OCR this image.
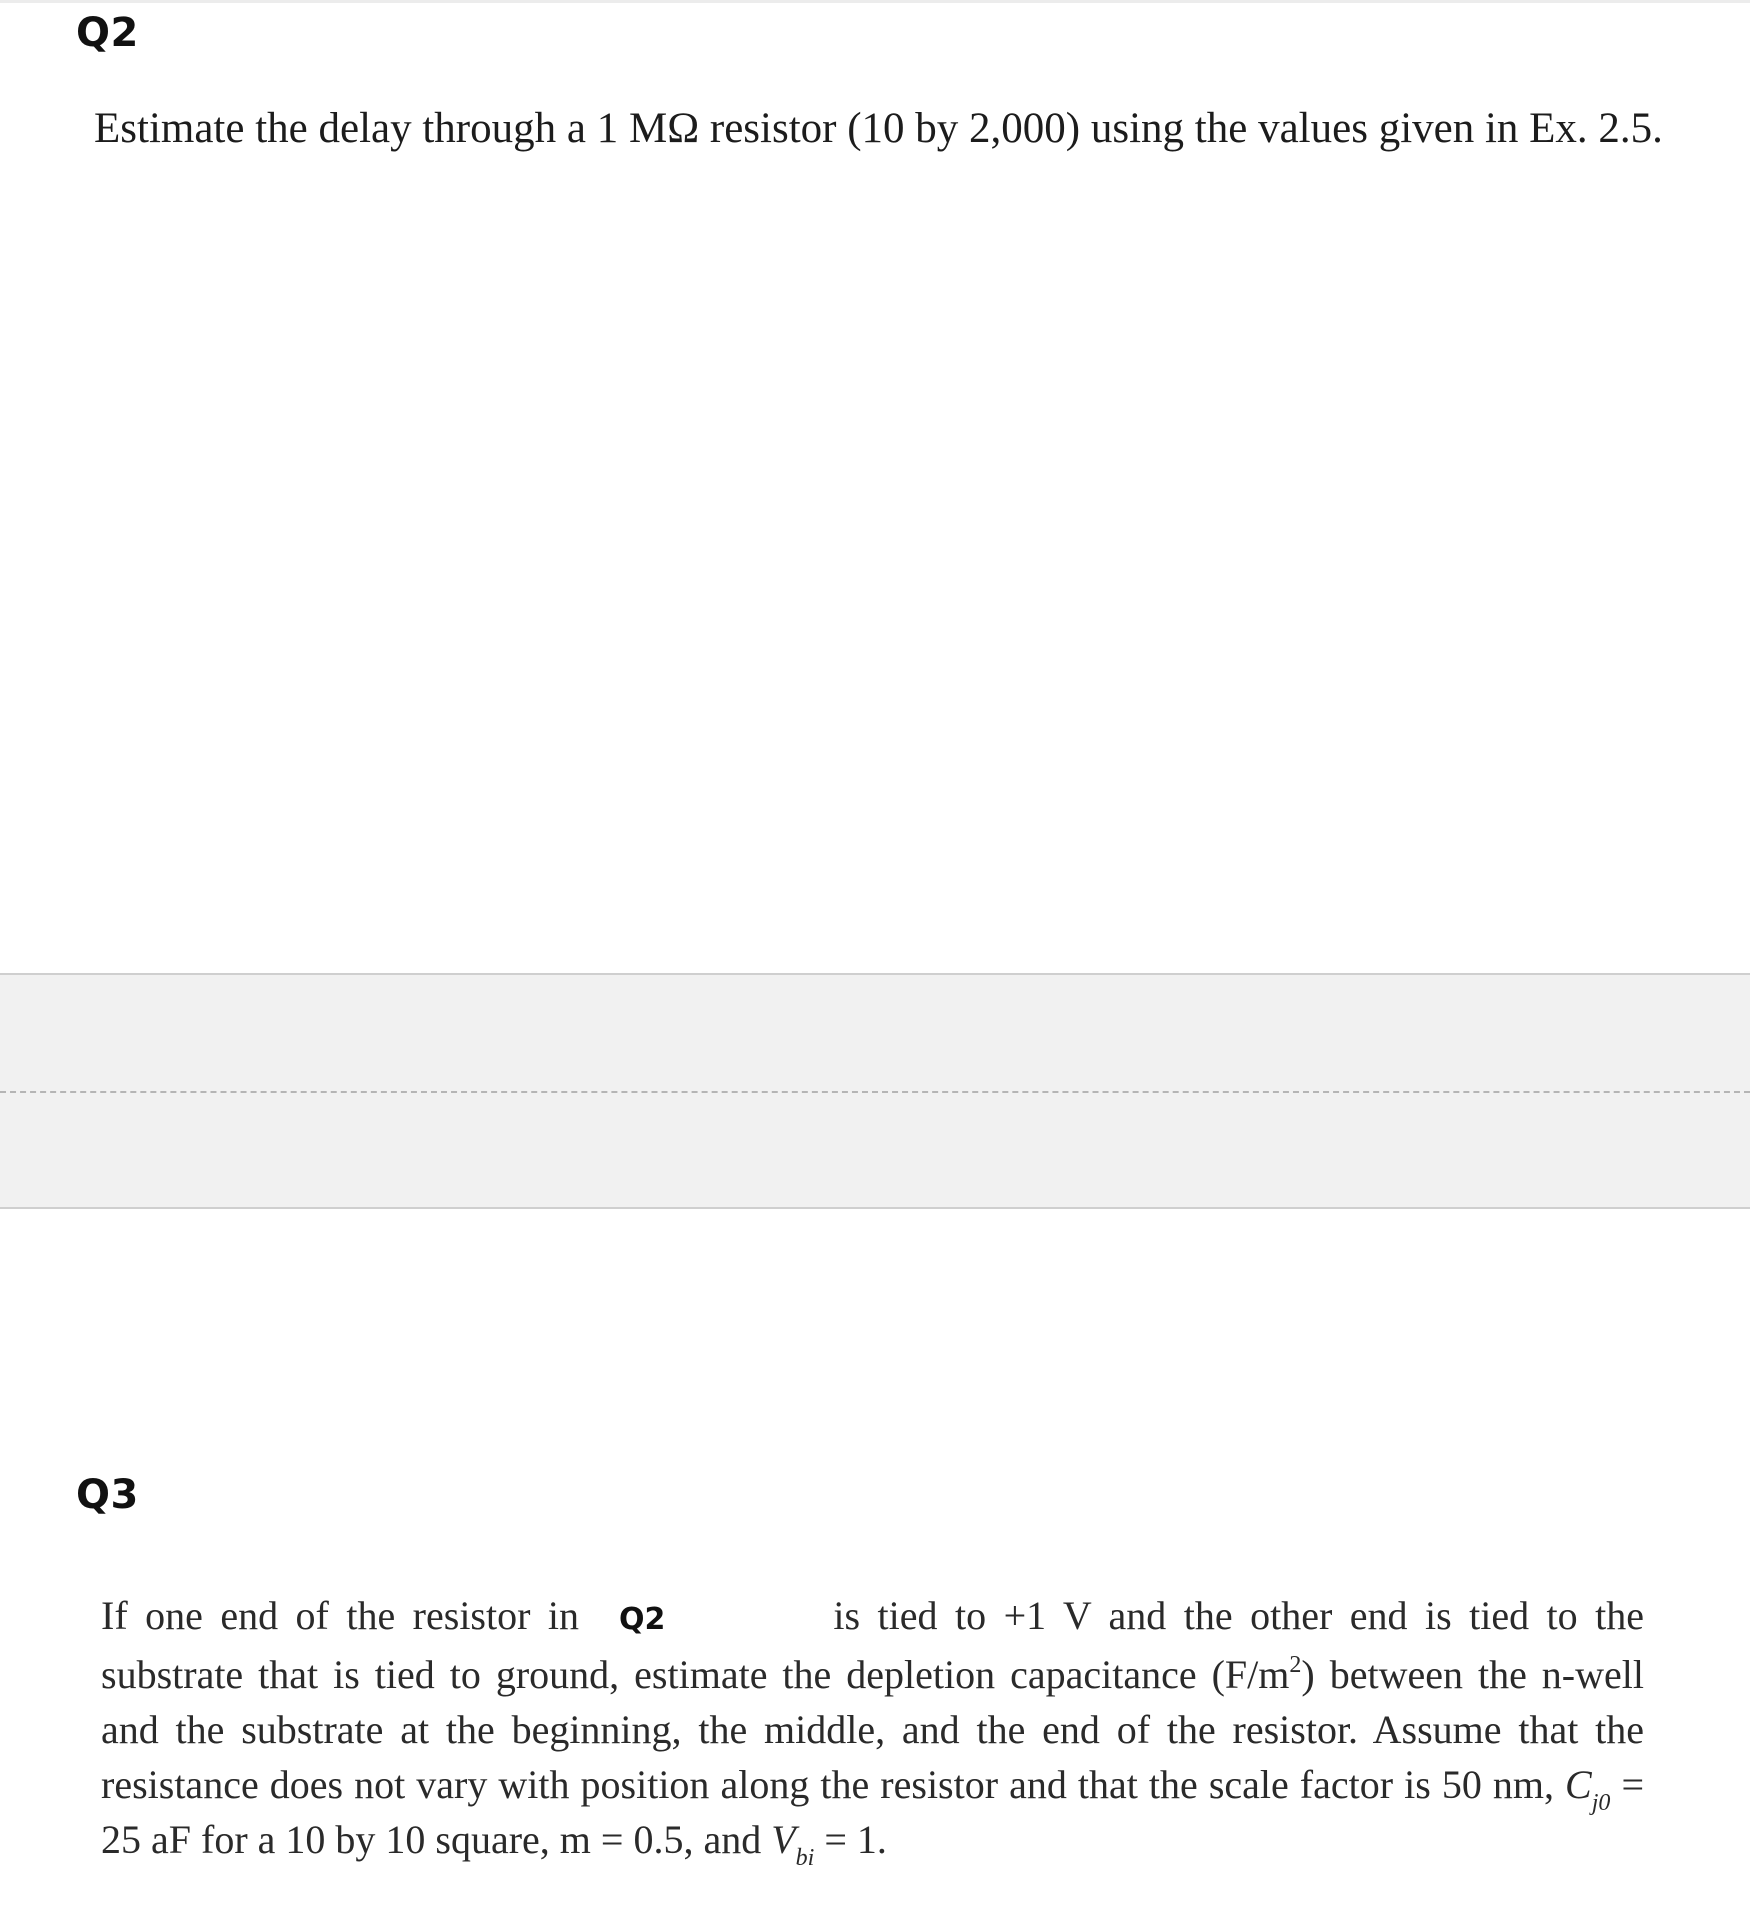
Q2

Estimate the delay through a 1 MΩ resistor (10 by 2,000) using the values given in Ex. 2.5.

Q3

If one end of the resistor in Q2	is tied to +1 V and the other end is tied to the substrate that is tied to ground, estimate the depletion capacitance $(F/m^2)$ between the n-well and the substrate at the beginning, the middle, and the end of the resistor. Assume that the resistance does not vary with position along the resistor and that the scale factor is 50 nm, $C_{j0} = 25$ aF for a 10 by 10 square, m = 0.5, and $V_{bi} = 1$.
